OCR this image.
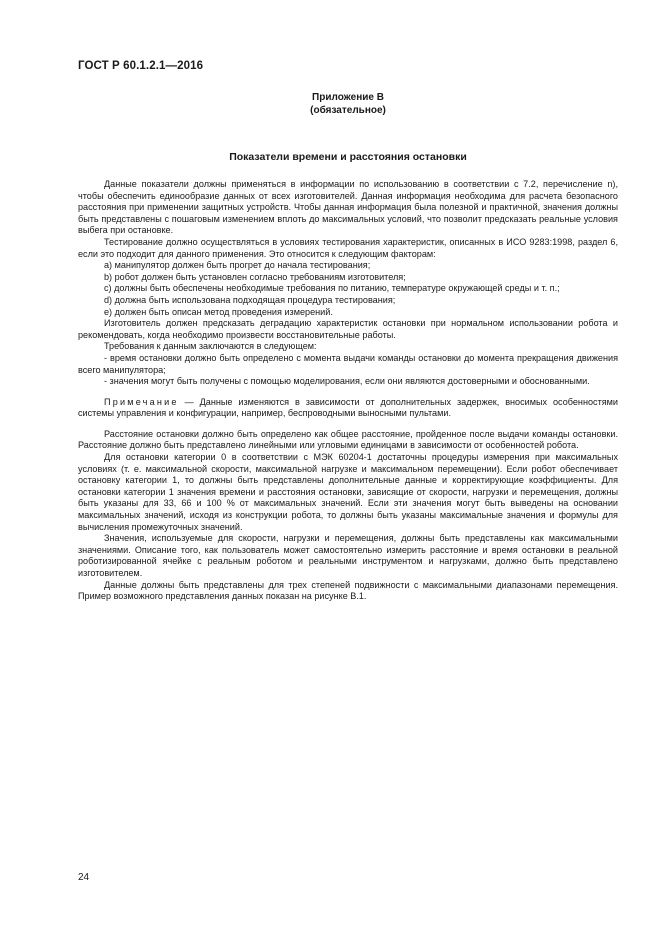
ГОСТ Р 60.1.2.1—2016
Приложение В
(обязательное)
Показатели времени и расстояния остановки

Данные показатели должны применяться в информации по использованию в соответствии с 7.2, перечисление n), чтобы обеспечить единообразие данных от всех изготовителей. Данная информация необходима для расчета безопасного расстояния при применении защитных устройств. Чтобы данная информация была полезной и практичной, значения должны быть представлены с пошаговым изменением вплоть до максимальных условий, что позволит предсказать реальные условия выбега при остановке.

Тестирование должно осуществляться в условиях тестирования характеристик, описанных в ИСО 9283:1998, раздел 6, если это подходит для данного применения. Это относится к следующим факторам:

а) манипулятор должен быть прогрет до начала тестирования;

b) робот должен быть установлен согласно требованиям изготовителя;

c) должны быть обеспечены необходимые требования по питанию, температуре окружающей среды и т. п.;

d) должна быть использована подходящая процедура тестирования;

e) должен быть описан метод проведения измерений.

Изготовитель должен предсказать деградацию характеристик остановки при нормальном использовании робота и рекомендовать, когда необходимо произвести восстановительные работы.

Требования к данным заключаются в следующем:

- время остановки должно быть определено с момента выдачи команды остановки до момента прекращения движения всего манипулятора;

- значения могут быть получены с помощью моделирования, если они являются достоверными и обоснованными.

Примечание — Данные изменяются в зависимости от дополнительных задержек, вносимых особенностями системы управления и конфигурации, например, беспроводными выносными пультами.

Расстояние остановки должно быть определено как общее расстояние, пройденное после выдачи команды остановки. Расстояние должно быть представлено линейными или угловыми единицами в зависимости от особенностей робота.

Для остановки категории 0 в соответствии с МЭК 60204-1 достаточны процедуры измерения при максимальных условиях (т. е. максимальной скорости, максимальной нагрузке и максимальном перемещении). Если робот обеспечивает остановку категории 1, то должны быть представлены дополнительные данные и корректирующие коэффициенты. Для остановки категории 1 значения времени и расстояния остановки, зависящие от скорости, нагрузки и перемещения, должны быть указаны для 33, 66 и 100 % от максимальных значений. Если эти значения могут быть выведены на основании максимальных значений, исходя из конструкции робота, то должны быть указаны максимальные значения и формулы для вычисления промежуточных значений.

Значения, используемые для скорости, нагрузки и перемещения, должны быть представлены как максимальными значениями. Описание того, как пользователь может самостоятельно измерить расстояние и время остановки в реальной роботизированной ячейке с реальным роботом и реальными инструментом и нагрузками, должно быть представлено изготовителем.

Данные должны быть представлены для трех степеней подвижности с максимальными диапазонами перемещения. Пример возможного представления данных показан на рисунке В.1.

24
